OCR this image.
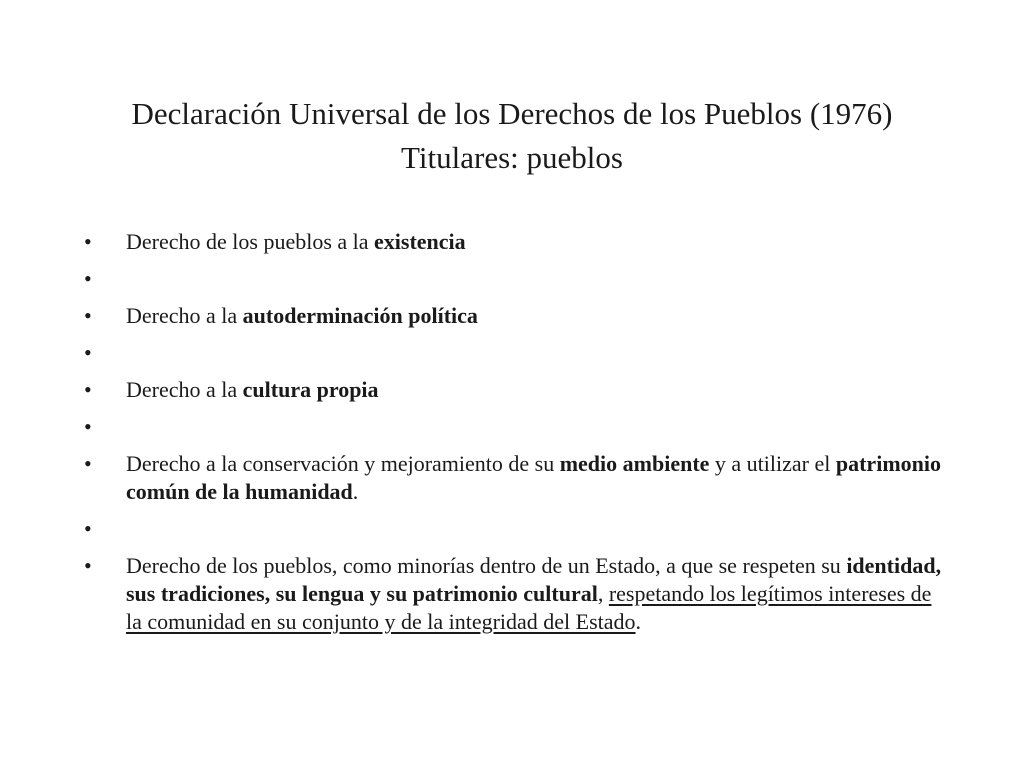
Declaración Universal de los Derechos de los Pueblos (1976)
Titulares: pueblos
•	Derecho de los pueblos a la existencia
•
•	Derecho a la autoderminación política
•
•	Derecho a la cultura propia
•
•	Derecho a la conservación y mejoramiento de su medio ambiente y a utilizar el patrimonio común de la humanidad.
•
•	Derecho de los pueblos, como minorías dentro de un Estado, a que se respeten su identidad, sus tradiciones, su lengua y su patrimonio cultural, respetando los legítimos intereses de la comunidad en su conjunto y de la integridad del Estado.
